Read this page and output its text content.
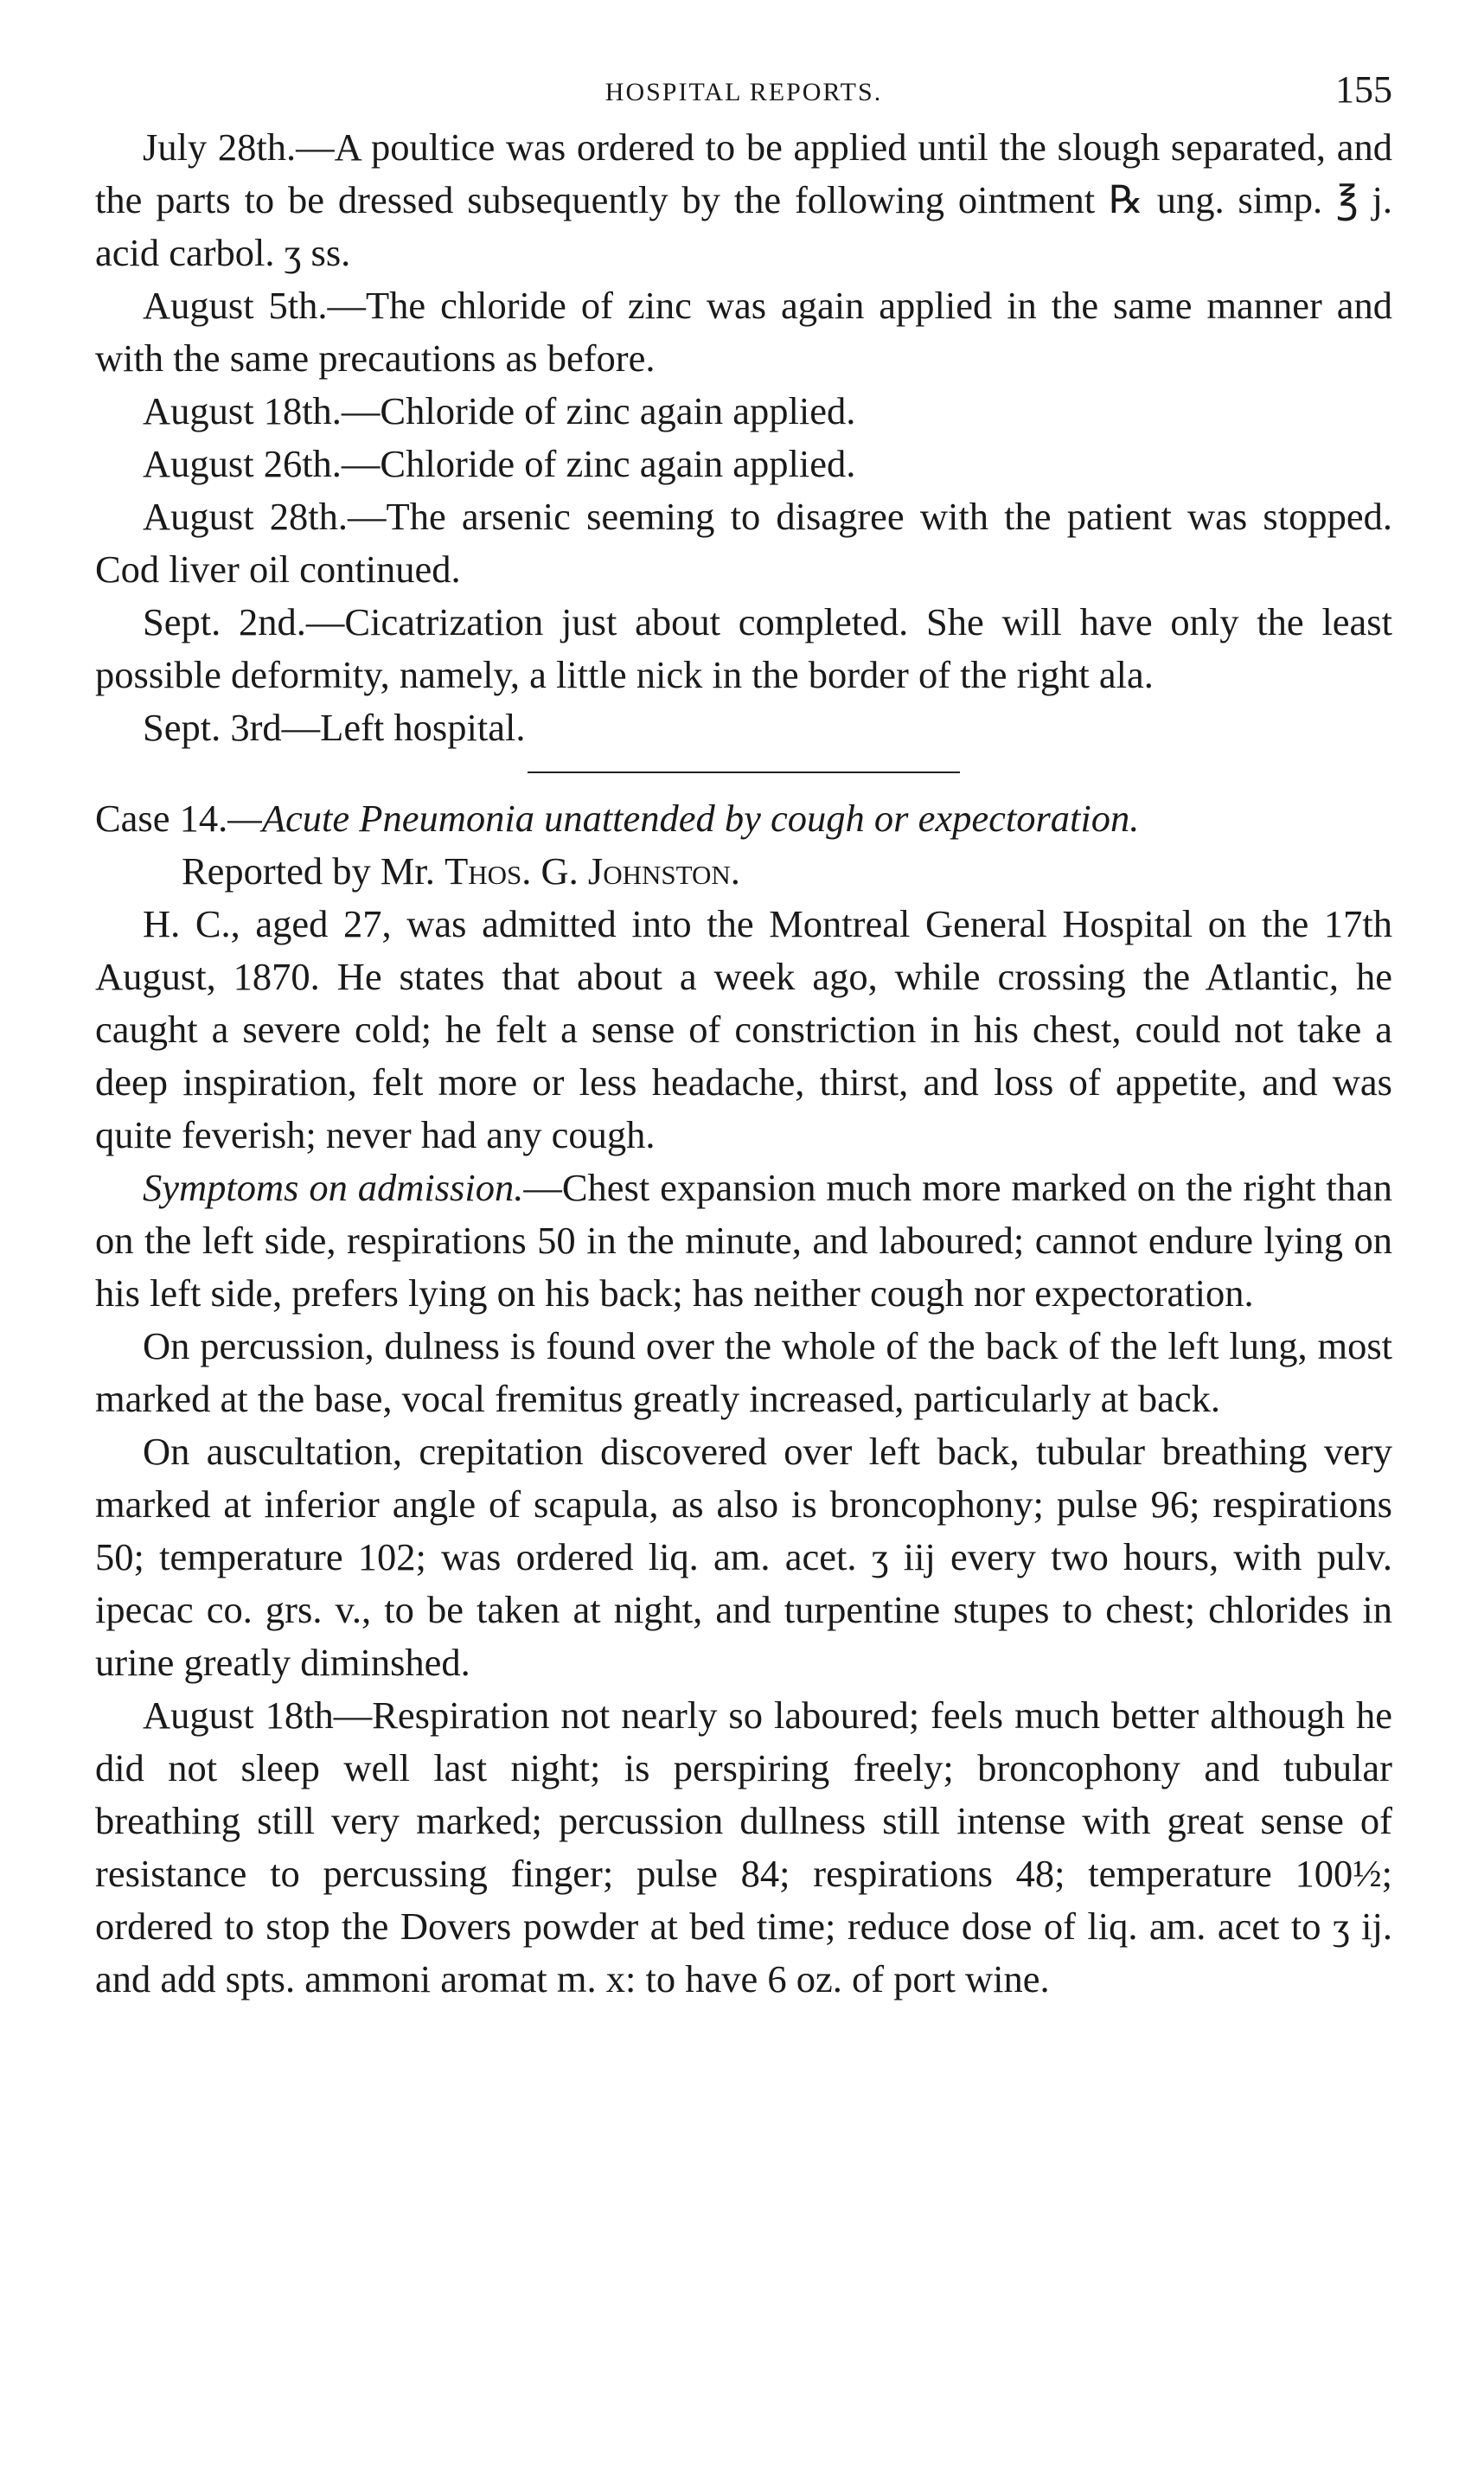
HOSPITAL REPORTS.	155

July 28th.—A poultice was ordered to be applied until the slough separated, and the parts to be dressed subsequently by the following ointment ℞ ung. simp. ℥ j. acid carbol. ʒ ss.

August 5th.—The chloride of zinc was again applied in the same manner and with the same precautions as before.

August 18th.—Chloride of zinc again applied.

August 26th.—Chloride of zinc again applied.

August 28th.—The arsenic seeming to disagree with the patient was stopped. Cod liver oil continued.

Sept. 2nd.—Cicatrization just about completed. She will have only the least possible deformity, namely, a little nick in the border of the right ala.

Sept. 3rd—Left hospital.

Case 14.—Acute Pneumonia unattended by cough or expectoration.

Reported by Mr. Thos. G. Johnston.

H. C., aged 27, was admitted into the Montreal General Hospital on the 17th August, 1870. He states that about a week ago, while crossing the Atlantic, he caught a severe cold; he felt a sense of constriction in his chest, could not take a deep inspiration, felt more or less headache, thirst, and loss of appetite, and was quite feverish; never had any cough.

Symptoms on admission.—Chest expansion much more marked on the right than on the left side, respirations 50 in the minute, and laboured; cannot endure lying on his left side, prefers lying on his back; has neither cough nor expectoration.

On percussion, dulness is found over the whole of the back of the left lung, most marked at the base, vocal fremitus greatly increased, particularly at back.

On auscultation, crepitation discovered over left back, tubular breathing very marked at inferior angle of scapula, as also is broncophony; pulse 96; respirations 50; temperature 102; was ordered liq. am. acet. ʒ iij every two hours, with pulv. ipecac co. grs. v., to be taken at night, and turpentine stupes to chest; chlorides in urine greatly diminshed.

August 18th—Respiration not nearly so laboured; feels much better although he did not sleep well last night; is perspiring freely; broncophony and tubular breathing still very marked; percussion dullness still intense with great sense of resistance to percussing finger; pulse 84; respirations 48; temperature 100½; ordered to stop the Dovers powder at bed time; reduce dose of liq. am. acet to ʒ ij. and add spts. ammoni aromat m. x: to have 6 oz. of port wine.
